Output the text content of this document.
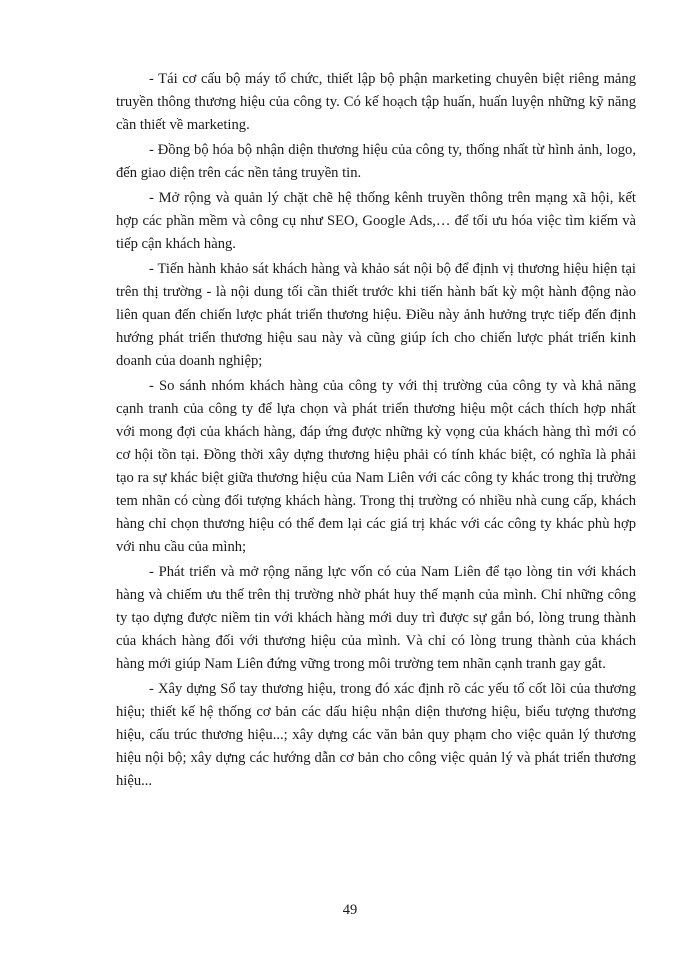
- Tái cơ cấu bộ máy tổ chức, thiết lập bộ phận marketing chuyên biệt riêng mảng truyền thông thương hiệu của công ty. Có kế hoạch tập huấn, huấn luyện những kỹ năng cần thiết về marketing.

- Đồng bộ hóa bộ nhận diện thương hiệu của công ty, thống nhất từ hình ảnh, logo, đến giao diện trên các nền tảng truyền tin.

- Mở rộng và quản lý chặt chẽ hệ thống kênh truyền thông trên mạng xã hội, kết hợp các phần mềm và công cụ như SEO, Google Ads,… để tối ưu hóa việc tìm kiếm và tiếp cận khách hàng.

- Tiến hành khảo sát khách hàng và khảo sát nội bộ để định vị thương hiệu hiện tại trên thị trường - là nội dung tối cần thiết trước khi tiến hành bất kỳ một hành động nào liên quan đến chiến lược phát triển thương hiệu. Điều này ảnh hưởng trực tiếp đến định hướng phát triển thương hiệu sau này và cũng giúp ích cho chiến lược phát triển kinh doanh của doanh nghiệp;

- So sánh nhóm khách hàng của công ty với thị trường của công ty và khả năng cạnh tranh của công ty để lựa chọn và phát triển thương hiệu một cách thích hợp nhất với mong đợi của khách hàng, đáp ứng được những kỳ vọng của khách hàng thì mới có cơ hội tồn tại. Đồng thời xây dựng thương hiệu phải có tính khác biệt, có nghĩa là phải tạo ra sự khác biệt giữa thương hiệu của Nam Liên với các công ty khác trong thị trường tem nhãn có cùng đối tượng khách hàng. Trong thị trường có nhiều nhà cung cấp, khách hàng chỉ chọn thương hiệu có thể đem lại các giá trị khác với các công ty khác phù hợp với nhu cầu của mình;

- Phát triển và mở rộng năng lực vốn có của Nam Liên để tạo lòng tin với khách hàng và chiếm ưu thế trên thị trường nhờ phát huy thế mạnh của mình. Chỉ những công ty tạo dựng được niềm tin với khách hàng mới duy trì được sự gắn bó, lòng trung thành của khách hàng đối với thương hiệu của mình. Và chỉ có lòng trung thành của khách hàng mới giúp Nam Liên đứng vững trong môi trường tem nhãn cạnh tranh gay gắt.

- Xây dựng Sổ tay thương hiệu, trong đó xác định rõ các yếu tố cốt lõi của thương hiệu; thiết kế hệ thống cơ bản các dấu hiệu nhận diện thương hiệu, biểu tượng thương hiệu, cấu trúc thương hiệu...; xây dựng các văn bản quy phạm cho việc quản lý thương hiệu nội bộ; xây dựng các hướng dẫn cơ bản cho công việc quản lý và phát triển thương hiệu...

49
